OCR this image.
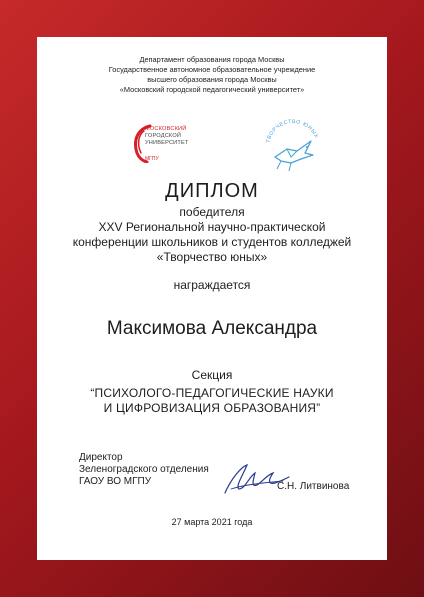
Департамент образования города Москвы
Государственное автономное образовательное учреждение
высшего образования города Москвы
«Московский городской педагогический университет»
МОСКОВСКИЙ
ГОРОДСКОЙ
УНИВЕРСИТЕТ
МГПУ
ТВОРЧЕСТВО ЮНЫХ
ДИПЛОМ
победителя
XXV Региональной научно-практической
конференции школьников и студентов колледжей
«Творчество юных»
награждается
Максимова Александра
Секция
“ПСИХОЛОГО-ПЕДАГОГИЧЕСКИЕ НАУКИ
И ЦИФРОВИЗАЦИЯ ОБРАЗОВАНИЯ”
Директор
Зеленоградского отделения
ГАОУ ВО МГПУ	С.Н. Литвинова
27 марта 2021 года
